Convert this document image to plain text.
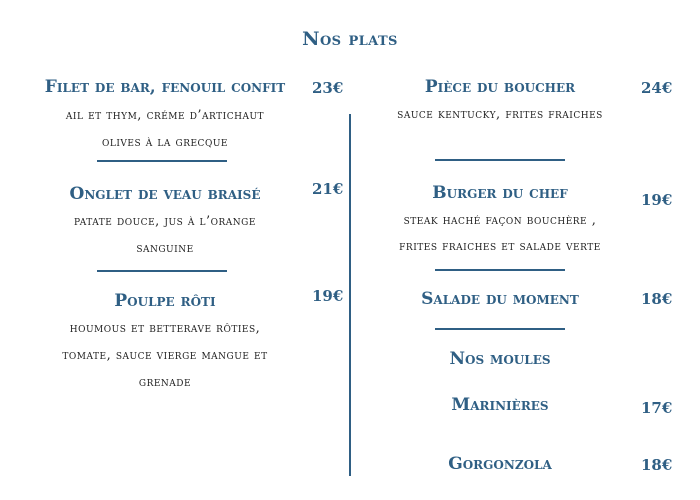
Nos plats
Filet de bar, fenouil confit	23€
ail et thym, créme d’artichaut
olives à la grecque
Onglet de veau braisé	21€
patate douce, jus à l’orange
sanguine
Poulpe rôti	19€
houmous et betterave rôties,
tomate, sauce vierge mangue et
grenade
Pièce du boucher	24€
sauce kentucky, frites fraiches
Burger du chef	19€
steak haché façon bouchère ,
frites fraiches et salade verte
Salade du moment	18€
Nos moules
Marinières	17€
Gorgonzola	18€
